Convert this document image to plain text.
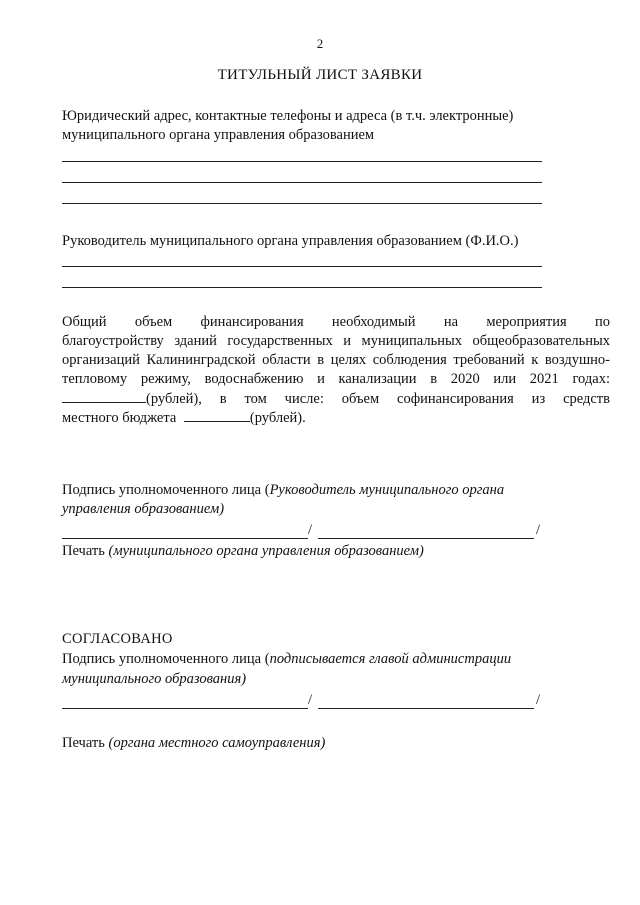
2
ТИТУЛЬНЫЙ ЛИСТ ЗАЯВКИ
Юридический адрес, контактные телефоны и адреса (в т.ч. электронные)
муниципального органа управления образованием
Руководитель муниципального органа управления образованием (Ф.И.О.)
Общий объем финансирования необходимый на мероприятия по
благоустройству зданий государственных и муниципальных общеобразовательных
организаций Калининградской области в целях соблюдения требований к воздушно-
тепловому режиму, водоснабжению и канализации в 2020 или 2021 годах:
(рублей), в том числе: объем софинансирования из средств
местного бюджета	(рублей).
Подпись уполномоченного лица (Руководитель муниципального органа
управления образованием)
/	/
Печать (муниципального органа управления образованием)
СОГЛАСОВАНО
Подпись уполномоченного лица (подписывается главой администрации
муниципального образования)
/	/
Печать (органа местного самоуправления)
